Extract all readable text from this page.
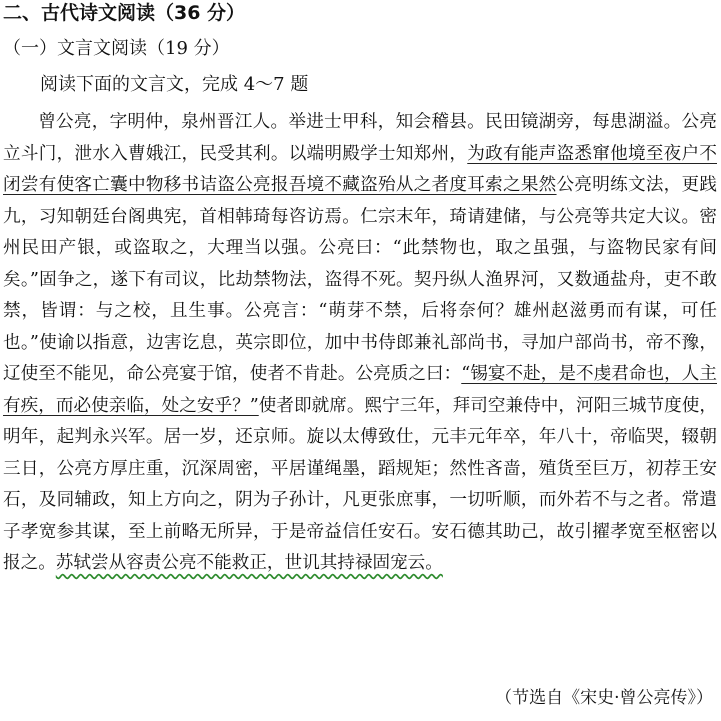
二、古代诗文阅读（36 分）
（一）文言文阅读（19 分）
阅读下面的文言文，完成 4～7 题
曾公亮，字明仲，泉州晋江人。举进士甲科，知会稽县。民田镜湖旁，每患湖溢。公亮立斗门，泄水入曹娥江，民受其利。以端明殿学士知郑州，为政有能声盗悉窜他境至夜户不闭尝有使客亡囊中物移书诘盗公亮报吾境不藏盗殆从之者度耳索之果然公亮明练文法，更践九，习知朝廷台阁典宪，首相韩琦每咨访焉。仁宗末年，琦请建储，与公亮等共定大议。密州民田产银，或盗取之，大理当以强。公亮曰：“此禁物也，取之虽强，与盗物民家有间矣。”固争之，遂下有司议，比劫禁物法，盗得不死。契丹纵人渔界河，又数通盐舟，吏不敢禁，皆谓：与之校，且生事。公亮言：“萌芽不禁，后将奈何？雄州赵滋勇而有谋，可任也。”使谕以指意，边害讫息，英宗即位，加中书侍郎兼礼部尚书，寻加户部尚书，帝不豫，辽使至不能见，命公亮宴于馆，使者不肯赴。公亮质之曰：“锡宴不赴，是不虔君命也，人主有疾，而必使亲临，处之安乎？”使者即就席。熙宁三年，拜司空兼侍中，河阳三城节度使，明年，起判永兴军。居一岁，还京师。旋以太傅致仕，元丰元年卒，年八十，帝临哭，辍朝三日，公亮方厚庄重，沉深周密，平居谨绳墨，蹈规矩；然性吝啬，殖货至巨万，初荐王安石，及同辅政，知上方向之，阴为子孙计，凡更张庶事，一切听顺，而外若不与之者。常遣子孝宽参其谋，至上前略无所异，于是帝益信任安石。安石德其助己，故引擢孝宽至枢密以报之。苏轼尝从容责公亮不能救正，世讥其持禄固宠云。
（节选自《宋史·曾公亮传》）
